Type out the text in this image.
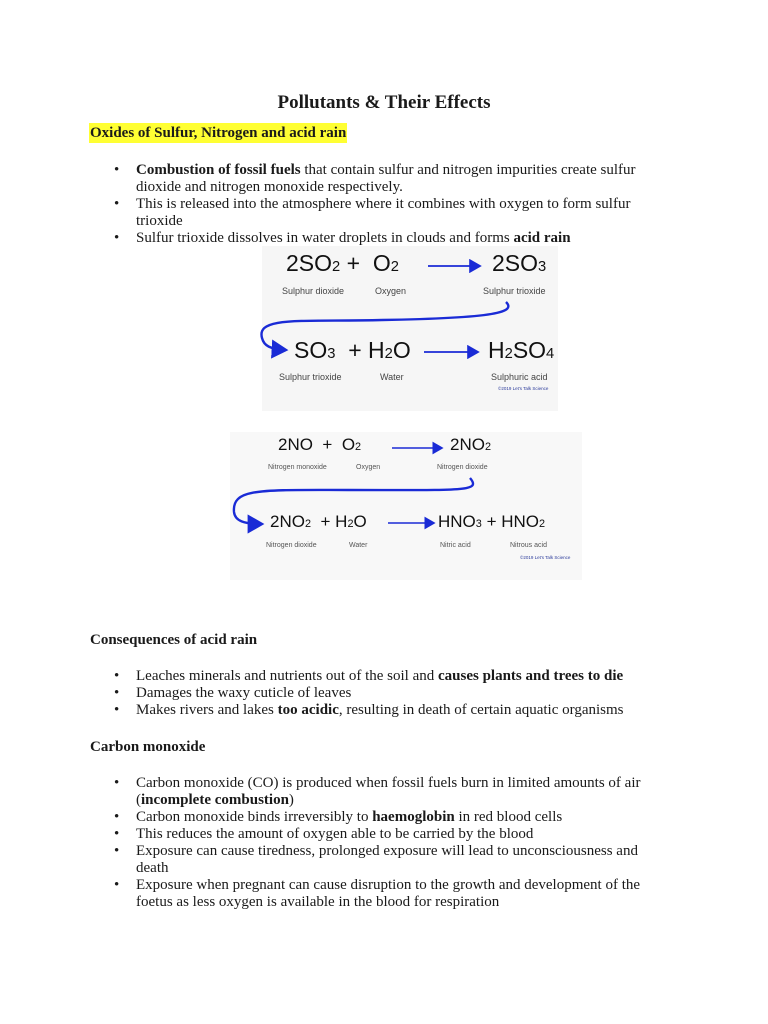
Pollutants & Their Effects
Oxides of Sulfur, Nitrogen and acid rain
• Combustion of fossil fuels that contain sulfur and nitrogen impurities create sulfur dioxide and nitrogen monoxide respectively.
• This is released into the atmosphere where it combines with oxygen to form sulfur trioxide
• Sulfur trioxide dissolves in water droplets in clouds and forms acid rain
$2SO_2 + O_2$	$2SO_3$
Sulphur dioxide	Oxygen	Sulphur trioxide
$SO_3 + H_2O$	$H_2SO_4$
Sulphur trioxide	Water	Sulphuric acid
©2019 Let's Talk Science
$2NO + O_2$	$2NO_2$
Nitrogen monoxide	Oxygen	Nitrogen dioxide
$2NO_2 + H_2O$	$HNO_3 + HNO_2$
Nitrogen dioxide	Water	Nitric acid	Nitrous acid
©2019 Let's Talk Science
Consequences of acid rain
• Leaches minerals and nutrients out of the soil and causes plants and trees to die
• Damages the waxy cuticle of leaves
• Makes rivers and lakes too acidic, resulting in death of certain aquatic organisms
Carbon monoxide
• Carbon monoxide (CO) is produced when fossil fuels burn in limited amounts of air (incomplete combustion)
• Carbon monoxide binds irreversibly to haemoglobin in red blood cells
• This reduces the amount of oxygen able to be carried by the blood
• Exposure can cause tiredness, prolonged exposure will lead to unconsciousness and death
• Exposure when pregnant can cause disruption to the growth and development of the foetus as less oxygen is available in the blood for respiration
